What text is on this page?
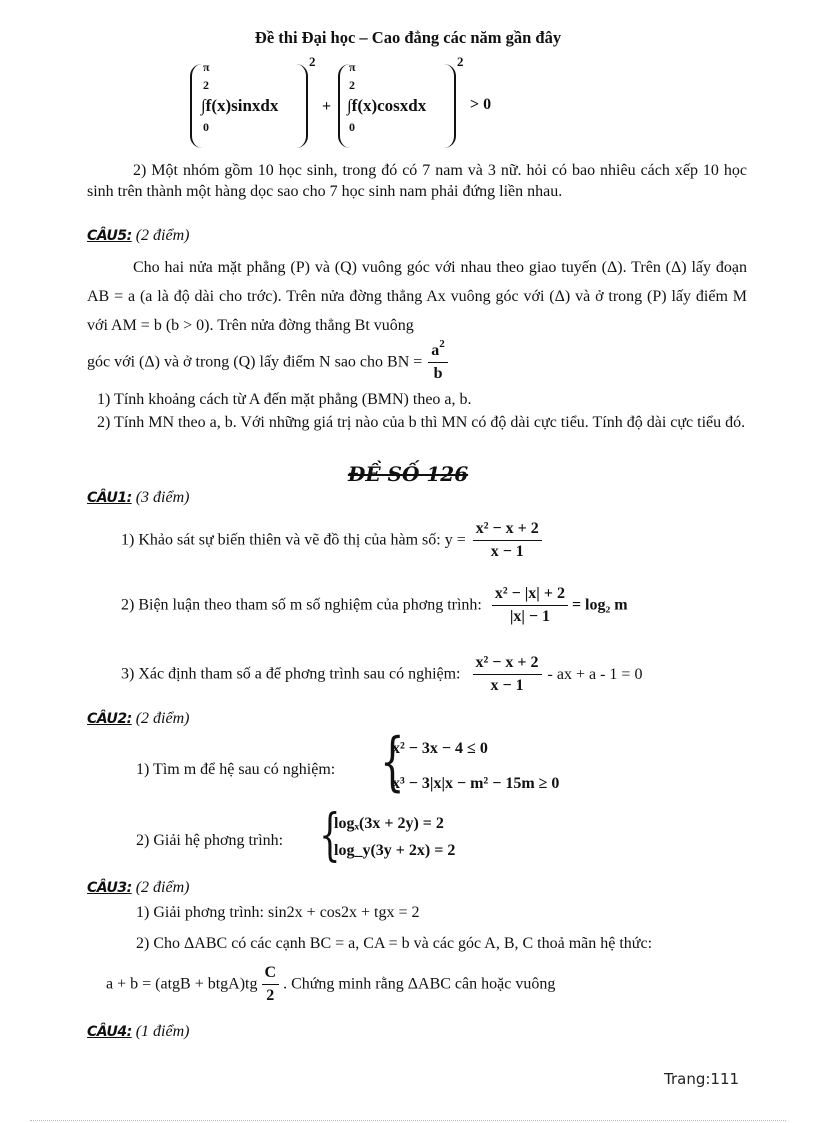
Đề thi Đại học – Cao đẳng các năm gần đây
π
2
∫f(x)sinxdx
0
2
+
π
2
∫f(x)cosxdx
0
2
> 0
2) Một nhóm gồm 10 học sinh, trong đó có 7 nam và 3 nữ. hỏi có bao nhiêu cách xếp 10 học sinh trên thành một hàng dọc sao cho 7 học sinh nam phải đứng liền nhau.
CÂU5: (2 điểm)
Cho hai nửa mặt phẳng (P) và (Q) vuông góc với nhau theo giao tuyến (Δ). Trên (Δ) lấy đoạn AB = a (a là độ dài cho trớc). Trên nửa đờng thẳng Ax vuông góc với (Δ) và ở trong (P) lấy điểm M với AM = b (b > 0). Trên nửa đờng thẳng Bt vuông
góc với (Δ) và ở trong (Q) lấy điểm N sao cho BN = $\frac{a^2}{b}$
1) Tính khoảng cách từ A đến mặt phẳng (BMN) theo a, b.
2) Tính MN theo a, b. Với những giá trị nào của b thì MN có độ dài cực tiểu. Tính độ dài cực tiểu đó.
ĐỀ SỐ 126
CÂU1: (3 điểm)
1) Khảo sát sự biến thiên và vẽ đồ thị của hàm số: $y = \frac{\text{x² − x + 2}}{x - 1}$
2) Biện luận theo tham số m số nghiệm của phơng trình: $\frac{\text{x² − |x| + 2}}{|x| - 1} = \log_2$ m
3) Xác định tham số a để phơng trình sau có nghiệm: $\frac{\text{x² − x + 2}}{x - 1}$ - ax + a - 1 = 0
CÂU2: (2 điểm)
1) Tìm m để hệ sau có nghiệm: {
x² − 3x − 4 ≤ 0
x³ − 3|x|x − m² − 15m ≥ 0
2) Giải hệ phơng trình: {
logₓ(3x + 2y) = 2
log_y(3y + 2x) = 2
CÂU3: (2 điểm)
1) Giải phơng trình: sin2x + cos2x + tgx = 2
2) Cho ΔABC có các cạnh BC = a, CA = b và các góc A, B, C thoả mãn hệ thức:
a + b = (atgB + btgA)tg $\frac{C}{2}$ . Chứng minh rằng ΔABC cân hoặc vuông
CÂU4: (1 điểm)
Trang:111
